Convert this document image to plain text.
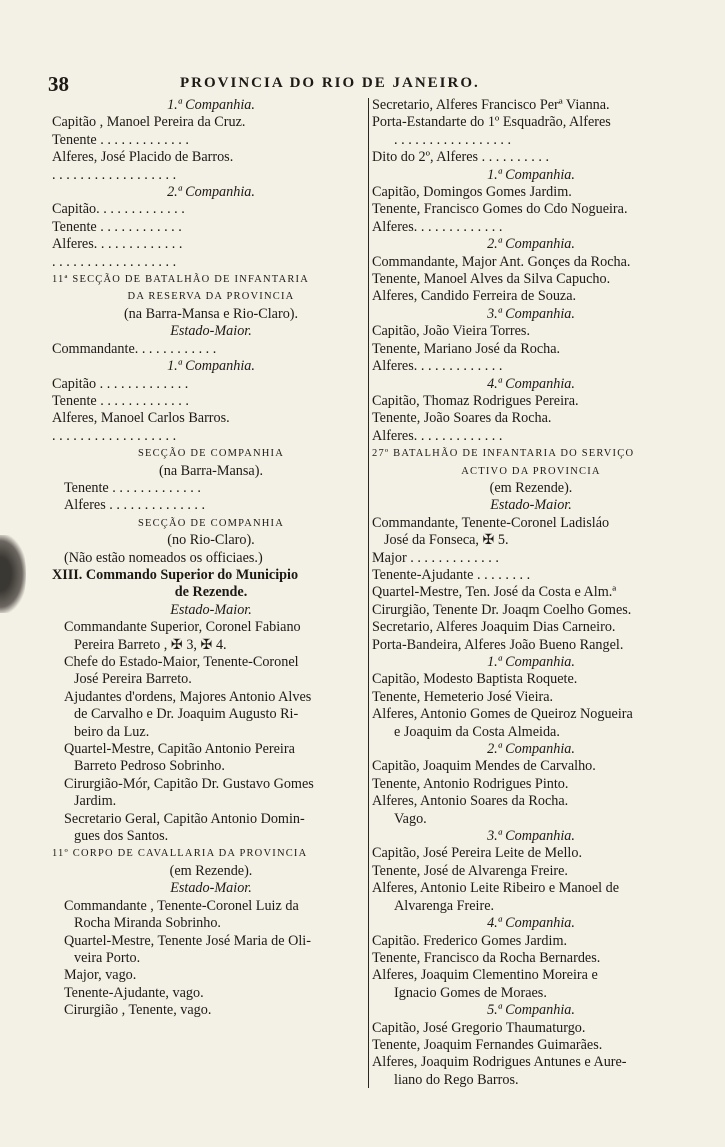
38	PROVINCIA DO RIO DE JANEIRO.
1.ª Companhia.
Capitão , Manoel Pereira da Cruz.
Tenente . . . . . . . . . . . . .
Alferes, José Placido de Barros.
. . . . . . . . . . . . . . . . . .
2.ª Companhia.
Capitão. . . . . . . . . . . . .
Tenente . . . . . . . . . . . .
Alferes. . . . . . . . . . . . .
. . . . . . . . . . . . . . . . . .
11ª SECÇÃO DE BATALHÃO DE INFANTARIA
DA RESERVA DA PROVINCIA
(na Barra-Mansa e Rio-Claro).
Estado-Maior.
Commandante. . . . . . . . . . . .
1.ª Companhia.
Capitão . . . . . . . . . . . . .
Tenente . . . . . . . . . . . . .
Alferes, Manoel Carlos Barros.
. . . . . . . . . . . . . . . . . .
SECÇÃO DE COMPANHIA
(na Barra-Mansa).
Tenente . . . . . . . . . . . . .
Alferes . . . . . . . . . . . . . .
SECÇÃO DE COMPANHIA
(no Rio-Claro).
(Não estão nomeados os officiaes.)
XIII. Commando Superior do Municipio
de Rezende.
Estado-Maior.
Commandante Superior, Coronel Fabiano
Pereira Barreto , ✠ 3, ✠ 4.
Chefe do Estado-Maior, Tenente-Coronel
José Pereira Barreto.
Ajudantes d'ordens, Majores Antonio Alves
de Carvalho e Dr. Joaquim Augusto Ri-
beiro da Luz.
Quartel-Mestre, Capitão Antonio Pereira
Barreto Pedroso Sobrinho.
Cirurgião-Mór, Capitão Dr. Gustavo Gomes
Jardim.
Secretario Geral, Capitão Antonio Domin-
gues dos Santos.
11º CORPO DE CAVALLARIA DA PROVINCIA
(em Rezende).
Estado-Maior.
Commandante , Tenente-Coronel Luiz da
Rocha Miranda Sobrinho.
Quartel-Mestre, Tenente José Maria de Oli-
veira Porto.
Major, vago.
Tenente-Ajudante, vago.
Cirurgião , Tenente, vago.
Secretario, Alferes Francisco Perª Vianna.
Porta-Estandarte do 1º Esquadrão, Alferes
. . . . . . . . . . . . . . . . .
Dito do 2º, Alferes . . . . . . . . . .
1.ª Companhia.
Capitão, Domingos Gomes Jardim.
Tenente, Francisco Gomes do Cdo Nogueira.
Alferes. . . . . . . . . . . . .
2.ª Companhia.
Commandante, Major Ant. Gonçes da Rocha.
Tenente, Manoel Alves da Silva Capucho.
Alferes, Candido Ferreira de Souza.
3.ª Companhia.
Capitão, João Vieira Torres.
Tenente, Mariano José da Rocha.
Alferes. . . . . . . . . . . . .
4.ª Companhia.
Capitão, Thomaz Rodrigues Pereira.
Tenente, João Soares da Rocha.
Alferes. . . . . . . . . . . . .
27º BATALHÃO DE INFANTARIA DO SERVIÇO
ACTIVO DA PROVINCIA
(em Rezende).
Estado-Maior.
Commandante, Tenente-Coronel Ladisláo
José da Fonseca, ✠ 5.
Major . . . . . . . . . . . . .
Tenente-Ajudante . . . . . . . .
Quartel-Mestre, Ten. José da Costa e Alm.ª
Cirurgião, Tenente Dr. Joaqm Coelho Gomes.
Secretario, Alferes Joaquim Dias Carneiro.
Porta-Bandeira, Alferes João Bueno Rangel.
1.ª Companhia.
Capitão, Modesto Baptista Roquete.
Tenente, Hemeterio José Vieira.
Alferes, Antonio Gomes de Queiroz Nogueira
e Joaquim da Costa Almeida.
2.ª Companhia.
Capitão, Joaquim Mendes de Carvalho.
Tenente, Antonio Rodrigues Pinto.
Alferes, Antonio Soares da Rocha.
Vago.
3.ª Companhia.
Capitão, José Pereira Leite de Mello.
Tenente, José de Alvarenga Freire.
Alferes, Antonio Leite Ribeiro e Manoel de
Alvarenga Freire.
4.ª Companhia.
Capitão. Frederico Gomes Jardim.
Tenente, Francisco da Rocha Bernardes.
Alferes, Joaquim Clementino Moreira e
Ignacio Gomes de Moraes.
5.ª Companhia.
Capitão, José Gregorio Thaumaturgo.
Tenente, Joaquim Fernandes Guimarães.
Alferes, Joaquim Rodrigues Antunes e Aure-
liano do Rego Barros.
